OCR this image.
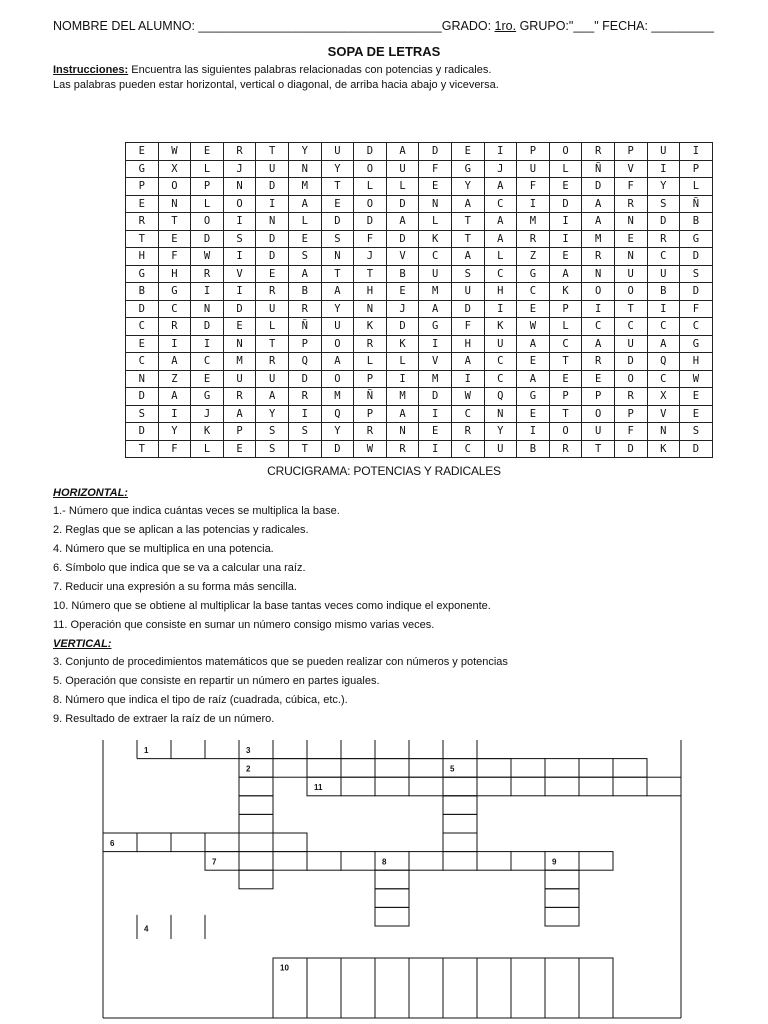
NOMBRE DEL ALUMNO: ___________________________________GRADO: 1ro. GRUPO:"___" FECHA: _________
SOPA DE LETRAS
Instrucciones: Encuentra las siguientes palabras relacionadas con potencias y radicales.
Las palabras pueden estar horizontal, vertical o diagonal, de arriba hacia abajo y viceversa.
E	W	E	R	T	Y	U	D	A	D	E	I	P	O	R	P	U	I
G	X	L	J	U	N	Y	O	U	F	G	J	U	L	Ñ	V	I	P
P	O	P	N	D	M	T	L	L	E	Y	A	F	E	D	F	Y	L
E	N	L	O	I	A	E	O	D	N	A	C	I	D	A	R	S	Ñ
R	T	O	I	N	L	D	D	A	L	T	A	M	I	A	N	D	B
T	E	D	S	D	E	S	F	D	K	T	A	R	I	M	E	R	G
H	F	W	I	D	S	N	J	V	C	A	L	Z	E	R	N	C	D
G	H	R	V	E	A	T	T	B	U	S	C	G	A	N	U	U	S
B	G	I	I	R	B	A	H	E	M	U	H	C	K	O	O	B	D
D	C	N	D	U	R	Y	N	J	A	D	I	E	P	I	T	I	F
C	R	D	E	L	Ñ	U	K	D	G	F	K	W	L	C	C	C	C
E	I	I	N	T	P	O	R	K	I	H	U	A	C	A	U	A	G
C	A	C	M	R	Q	A	L	L	V	A	C	E	T	R	D	Q	H
N	Z	E	U	U	D	O	P	I	M	I	C	A	E	E	O	C	W
D	A	G	R	A	R	M	Ñ	M	D	W	Q	G	P	P	R	X	E
S	I	J	A	Y	I	Q	P	A	I	C	N	E	T	O	P	V	E
D	Y	K	P	S	S	Y	R	N	E	R	Y	I	O	U	F	N	S
T	F	L	E	S	T	D	W	R	I	C	U	B	R	T	D	K	D
CRUCIGRAMA: POTENCIAS Y RADICALES

HORIZONTAL:

1.- Número que indica cuántas veces se multiplica la base.

2. Reglas que se aplican a las potencias y radicales.

4. Número que se multiplica en una potencia.

6. Símbolo que indica que se va a calcular una raíz.

7. Reducir una expresión a su forma más sencilla.

10. Número que se obtiene al multiplicar la base tantas veces como indique el exponente.

11. Operación que consiste en sumar un número consigo mismo varias veces.

VERTICAL:

3. Conjunto de procedimientos matemáticos que se pueden realizar con números y potencias

5. Operación que consiste en repartir un número en partes iguales.

8. Número que indica el tipo de raíz (cuadrada, cúbica, etc.).

9. Resultado de extraer la raíz de un número.

1	3
2	5
11
6
7	8	9
4
10
